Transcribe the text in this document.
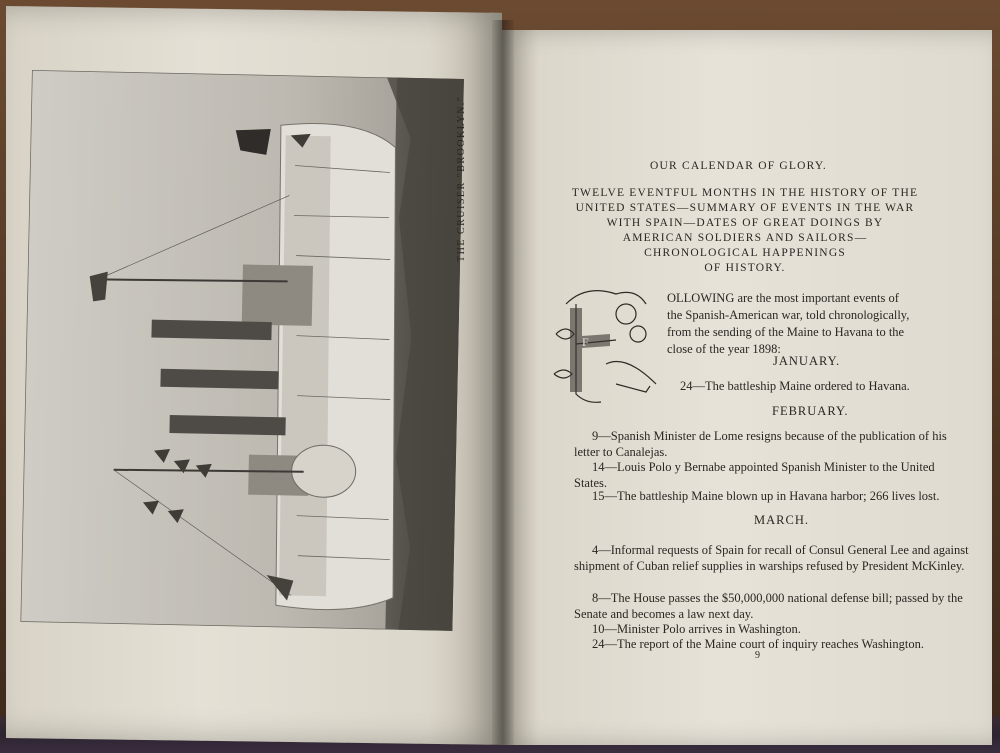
THE CRUISER "BROOKLYN."	OUR CALENDAR OF GLORY.
TWELVE EVENTFUL MONTHS IN THE HISTORY OF THE
UNITED STATES—SUMMARY OF EVENTS IN THE WAR
WITH SPAIN—DATES OF GREAT DOINGS BY
AMERICAN SOLDIERS AND SAILORS—
CHRONOLOGICAL HAPPENINGS
OF HISTORY.
F
OLLOWING are the most important events of
the Spanish-American war, told chronologically,
from the sending of the Maine to Havana to the
close of the year 1898:
JANUARY.
24—The battleship Maine ordered to Havana.
FEBRUARY.
9—Spanish Minister de Lome resigns because of the publication of his letter to Canalejas.
14—Louis Polo y Bernabe appointed Spanish Minister to the United States.
15—The battleship Maine blown up in Havana harbor; 266 lives lost.
MARCH.
4—Informal requests of Spain for recall of Consul General Lee and against shipment of Cuban relief supplies in warships refused by President McKinley.
8—The House passes the $50,000,000 national defense bill; passed by the Senate and becomes a law next day.
10—Minister Polo arrives in Washington.
24—The report of the Maine court of inquiry reaches Washington.
9
